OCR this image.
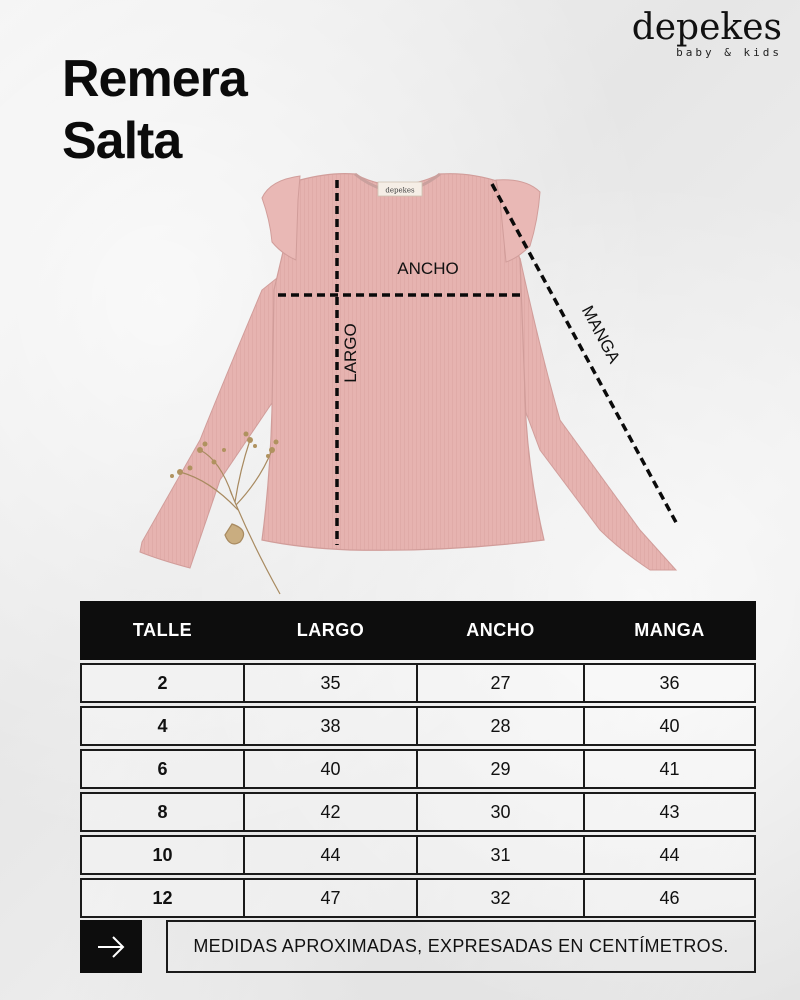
Remera
Salta
depekes
baby & kids
depekes
ANCHO
LARGO	MANGA
TALLE	LARGO	ANCHO	MANGA

2	35	27	36

4	38	28	40

6	40	29	41

8	42	30	43

10	44	31	44

12	47	32	46
MEDIDAS APROXIMADAS, EXPRESADAS EN CENTÍMETROS.
